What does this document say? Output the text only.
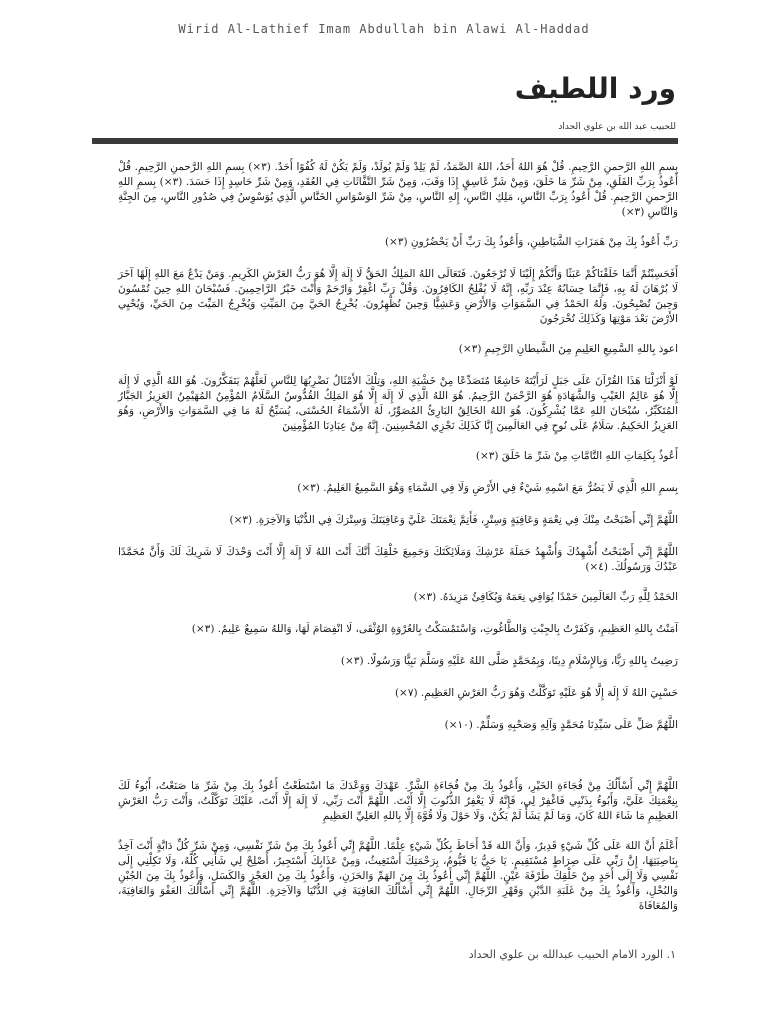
Wirid Al-Lathief Imam Abdullah bin Alawi Al-Haddad
ورد اللطيف
للحبيب عبد الله بن علوي الحداد

بِسمِ اللهِ الرَّحمنِ الرَّحِيمِ. قُلْ هُوَ اللهُ أَحَدٌ، اللهُ الصَّمَدُ، لَمْ يَلِدْ وَلَمْ يُولَدْ، وَلَمْ يَكُنْ لَهُ كُفُوًا أَحَدٌ. (٣×) بِسمِ اللهِ الرَّحمنِ الرَّحِيمِ. قُلْ أَعُوذُ بِرَبِّ الفَلَقِ، مِنْ شَرِّ مَا خَلَقَ، وَمِنْ شَرِّ غَاسِقٍ إِذَا وَقَبَ، وَمِنْ شَرِّ النَّفَّاثَاتِ فِي العُقَدِ، وَمِنْ شَرِّ حَاسِدٍ إِذَا حَسَدَ. (٣×) بِسمِ اللهِ الرَّحمنِ الرَّحِيمِ. قُلْ أَعُوذُ بِرَبِّ النَّاسِ، مَلِكِ النَّاسِ، إِلهِ النَّاسِ، مِنْ شَرِّ الوَسْوَاسِ الخَنَّاسِ الَّذِي يُوَسْوِسُ فِي صُدُورِ النَّاسِ، مِنَ الجِنَّةِ وَالنَّاسِ (٣×)

رَبِّ أَعُوذُ بِكَ مِنْ هَمَزَاتِ الشَّيَاطِينِ، وَأَعُوذُ بِكَ رَبِّ أَنْ يَحْضُرُونِ (٣×)

أَفَحَسِبْتُمْ أَنَّمَا خَلَقْنَاكُمْ عَبَثًا وَأَنَّكُمْ إِلَيْنَا لَا تُرْجَعُونَ. فَتَعَالَى اللهُ المَلِكُ الحَقُّ لَا إِلَهَ إِلَّا هُوَ رَبُّ العَرْشِ الكَرِيمِ. وَمَنْ يَدْعُ مَعَ اللهِ إِلَهًا آخَرَ لَا بُرْهَانَ لَهُ بِهِ، فَإِنَّمَا حِسَابُهُ عِنْدَ رَبِّهِ، إِنَّهُ لَا يُفْلِحُ الكَافِرُونَ. وَقُلْ رَبِّ اغْفِرْ وَارْحَمْ وَأَنْتَ خَيْرُ الرَّاحِمِينَ. فَسُبْحَانَ اللهِ حِينَ تُمْسُونَ وَحِينَ تُصْبِحُونَ. وَلَهُ الحَمْدُ فِي السَّمَوَاتِ وَالأَرْضِ وَعَشِيًّا وَحِينَ تُظْهِرُونَ. يُخْرِجُ الحَيَّ مِنَ المَيِّتِ وَيُخْرِجُ المَيِّتَ مِنَ الحَيِّ، وَيُحْيِي الأَرْضَ بَعْدَ مَوْتِهَا وَكَذَلِكَ تُخْرَجُونَ

اعوذ بِاللهِ السَّمِيعِ العَلِيمِ مِنَ الشَّيطانِ الرَّجِيمِ (٣×)

لَوْ أَنْزَلْنَا هَذَا القُرْآنَ عَلَى جَبَلٍ لَرَأَيْتَهُ خَاشِعًا مُتَصَدِّعًا مِنْ خَشْيَةِ اللهِ، وَتِلْكَ الأَمْثَالُ نَضْرِبُهَا لِلنَّاسِ لَعَلَّهُمْ يَتَفَكَّرُونَ. هُوَ اللهُ الَّذِي لَا إِلَهَ إِلَّا هُوَ عَالِمُ الغَيْبِ وَالشَّهَادَةِ هُوَ الرَّحْمَنُ الرَّحِيمُ. هُوَ اللهُ الَّذِي لَا إِلَهَ إِلَّا هُوَ المَلِكُ القُدُّوسُ السَّلَامُ المُؤْمِنُ المُهَيْمِنُ العَزِيزُ الجَبَّارُ المُتَكَبِّرُ، سُبْحَانَ اللهِ عَمَّا يُشْرِكُونَ. هُوَ اللهُ الخَالِقُ البَارِئُ المُصَوِّرُ، لَهُ الأَسْمَاءُ الحُسْنَى، يُسَبِّحُ لَهُ مَا فِي السَّمَوَاتِ وَالأَرْضِ، وَهُوَ العَزِيزُ الحَكِيمُ. سَلَامٌ عَلَى نُوحٍ فِي العَالَمِينَ إِنَّا كَذَلِكَ نَجْزِي المُحْسِنِينَ. إِنَّهُ مِنْ عِبَادِنَا المُؤْمِنِينَ

أَعُوذُ بِكَلِمَاتِ اللهِ التَّامَّاتِ مِنْ شَرِّ مَا خَلَقَ (٣×)

بِسمِ اللهِ الَّذِي لَا يَضُرُّ مَعَ اسْمِهِ شَيْءٌ فِي الأَرْضِ وَلَا فِي السَّمَاءِ وَهُوَ السَّمِيعُ العَلِيمُ. (٣×)

اللَّهُمَّ إِنِّي أَصْبَحْتُ مِنْكَ فِي نِعْمَةٍ وَعَافِيَةٍ وَسِتْرٍ، فَأَتِمَّ نِعْمَتَكَ عَلَيَّ وَعَافِيَتَكَ وَسِتْرَكَ فِي الدُّنْيَا وَالآخِرَةِ. (٣×)

اللَّهُمَّ إِنِّي أَصْبَحْتُ أُشْهِدُكَ وَأُشْهِدُ حَمَلَةَ عَرْشِكَ وَمَلَائِكَتَكَ وَجَمِيعَ خَلْقِكَ أَنَّكَ أَنْتَ اللهُ لَا إِلَهَ إِلَّا أَنْتَ وَحْدَكَ لَا شَرِيكَ لَكَ وَأَنَّ مُحَمَّدًا عَبْدُكَ وَرَسُولُكَ. (٤×)

الحَمْدُ لِلَّهِ رَبِّ العَالَمِينَ حَمْدًا يُوَافِي نِعَمَهُ وَيُكَافِئُ مَزِيدَهُ. (٣×)

آمَنْتُ بِاللهِ العَظِيمِ، وَكَفَرْتُ بِالجِبْتِ وَالطَّاغُوتِ، وَاسْتَمْسَكْتُ بِالعُرْوَةِ الوُثْقَى، لَا انْفِصَامَ لَهَا، وَاللهُ سَمِيعٌ عَلِيمٌ. (٣×)

رَضِيتُ بِاللهِ رَبًّا، وَبِالإِسْلَامِ دِينًا، وَبِمُحَمَّدٍ صَلَّى اللهُ عَلَيْهِ وَسَلَّمَ نَبِيًّا وَرَسُولًا. (٣×)

حَسْبِيَ اللهُ لَا إِلَهَ إِلَّا هُوَ عَلَيْهِ تَوَكَّلْتُ وَهُوَ رَبُّ العَرْشِ العَظِيمِ. (٧×)

اللَّهُمَّ صَلِّ عَلَى سَيِّدِنَا مُحَمَّدٍ وَآلِهِ وَصَحْبِهِ وَسَلِّمْ. (١٠×)

اللَّهُمَّ إِنِّي أَسْأَلُكَ مِنْ فُجَاءَةِ الخَيْرِ، وَأَعُوذُ بِكَ مِنْ فُجَاءَةِ الشَّرِّ. عَهْدَكَ وَوَعْدَكَ مَا اسْتَطَعْتُ أَعُوذُ بِكَ مِنْ شَرِّ مَا صَنَعْتُ، أَبُوءُ لَكَ بِنِعْمَتِكَ عَلَيَّ، وَأَبُوءُ بِذَنْبِي فَاغْفِرْ لِي، فَإِنَّهُ لَا يَغْفِرُ الذُّنُوبَ إِلَّا أَنْتَ. اللَّهُمَّ أَنْتَ رَبِّي، لَا إِلَهَ إِلَّا أَنْتَ، عَلَيْكَ تَوَكَّلْتُ، وَأَنْتَ رَبُّ العَرْشِ العَظِيمِ مَا شَاءَ اللهُ كَانَ، وَمَا لَمْ يَشَأْ لَمْ يَكُنْ، وَلَا حَوْلَ وَلَا قُوَّةَ إِلَّا بِاللهِ العَلِيِّ العَظِيمِ

أَعْلَمُ أَنَّ اللهَ عَلَى كُلِّ شَيْءٍ قَدِيرٌ، وَأَنَّ اللهَ قَدْ أَحَاطَ بِكُلِّ شَيْءٍ عِلْمًا. اللَّهُمَّ إِنِّي أَعُوذُ بِكَ مِنْ شَرِّ نَفْسِي، وَمِنْ شَرِّ كُلِّ دَابَّةٍ أَنْتَ آخِذٌ بِنَاصِيَتِهَا، إِنَّ رَبِّي عَلَى صِرَاطٍ مُسْتَقِيمٍ. يَا حَيُّ يَا قَيُّومُ، بِرَحْمَتِكَ أَسْتَغِيثُ، وَمِنْ عَذَابِكَ أَسْتَجِيرُ، أَصْلِحْ لِي شَأْنِي كُلَّهُ، وَلَا تَكِلْنِي إِلَى نَفْسِي وَلَا إِلَى أَحَدٍ مِنْ خَلْقِكَ طَرْفَةَ عَيْنٍ. اللَّهُمَّ إِنِّي أَعُوذُ بِكَ مِنَ الهَمِّ وَالحَزَنِ، وَأَعُوذُ بِكَ مِنَ العَجْزِ وَالكَسَلِ، وَأَعُوذُ بِكَ مِنَ الجُبْنِ وَالبُخْلِ، وَأَعُوذُ بِكَ مِنْ غَلَبَةِ الدَّيْنِ وَقَهْرِ الرِّجَالِ. اللَّهُمَّ إِنِّي أَسْأَلُكَ العَافِيَةَ فِي الدُّنْيَا وَالآخِرَةِ. اللَّهُمَّ إِنِّي أَسْأَلُكَ العَفْوَ وَالعَافِيَةَ، وَالمُعَافَاةَ

١. الورد الامام الحبيب عبدالله بن علوي الحداد
